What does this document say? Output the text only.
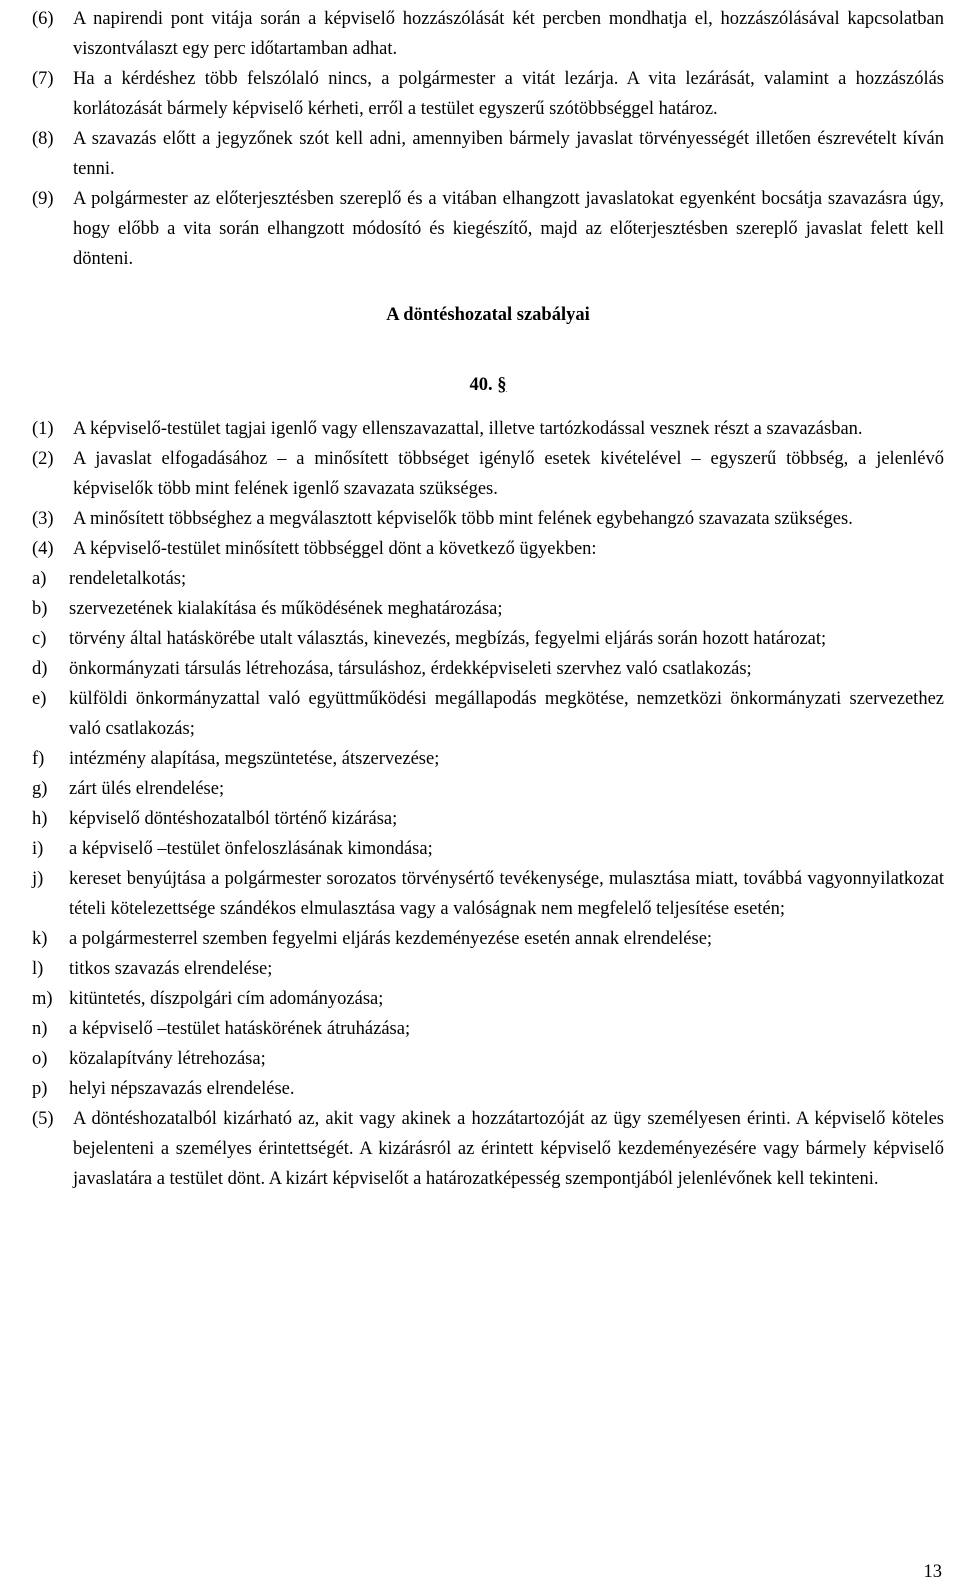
(6) A napirendi pont vitája során a képviselő hozzászólását két percben mondhatja el, hozzászólásával kapcsolatban viszontválaszt egy perc időtartamban adhat.

(7) Ha a kérdéshez több felszólaló nincs, a polgármester a vitát lezárja. A vita lezárását, valamint a hozzászólás korlátozását bármely képviselő kérheti, erről a testület egyszerű szótöbbséggel határoz.

(8) A szavazás előtt a jegyzőnek szót kell adni, amennyiben bármely javaslat törvényességét illetően észrevételt kíván tenni.

(9) A polgármester az előterjesztésben szereplő és a vitában elhangzott javaslatokat egyenként bocsátja szavazásra úgy, hogy előbb a vita során elhangzott módosító és kiegészítő, majd az előterjesztésben szereplő javaslat felett kell dönteni.

A döntéshozatal szabályai

40. §

(1) A képviselő-testület tagjai igenlő vagy ellenszavazattal, illetve tartózkodással vesznek részt a szavazásban.

(2) A javaslat elfogadásához – a minősített többséget igénylő esetek kivételével – egyszerű többség, a jelenlévő képviselők több mint felének igenlő szavazata szükséges.

(3) A minősített többséghez a megválasztott képviselők több mint felének egybehangzó szavazata szükséges.

(4) A képviselő-testület minősített többséggel dönt a következő ügyekben:

a) rendeletalkotás;

b) szervezetének kialakítása és működésének meghatározása;

c) törvény által hatáskörébe utalt választás, kinevezés, megbízás, fegyelmi eljárás során hozott határozat;

d) önkormányzati társulás létrehozása, társuláshoz, érdekképviseleti szervhez való csatlakozás;

e) külföldi önkormányzattal való együttműködési megállapodás megkötése, nemzetközi önkormányzati szervezethez való csatlakozás;

f) intézmény alapítása, megszüntetése, átszervezése;

g) zárt ülés elrendelése;

h) képviselő döntéshozatalból történő kizárása;

i) a képviselő –testület önfeloszlásának kimondása;

j) kereset benyújtása a polgármester sorozatos törvénysértő tevékenysége, mulasztása miatt, továbbá vagyonnyilatkozat tételi kötelezettsége szándékos elmulasztása vagy a valóságnak nem megfelelő teljesítése esetén;

k) a polgármesterrel szemben fegyelmi eljárás kezdeményezése esetén annak elrendelése;

l) titkos szavazás elrendelése;

m) kitüntetés, díszpolgári cím adományozása;

n) a képviselő –testület hatáskörének átruházása;

o) közalapítvány létrehozása;

p) helyi népszavazás elrendelése.

(5) A döntéshozatalból kizárható az, akit vagy akinek a hozzátartozóját az ügy személyesen érinti. A képviselő köteles bejelenteni a személyes érintettségét. A kizárásról az érintett képviselő kezdeményezésére vagy bármely képviselő javaslatára a testület dönt. A kizárt képviselőt a határozatképesség szempontjából jelenlévőnek kell tekinteni.

13
